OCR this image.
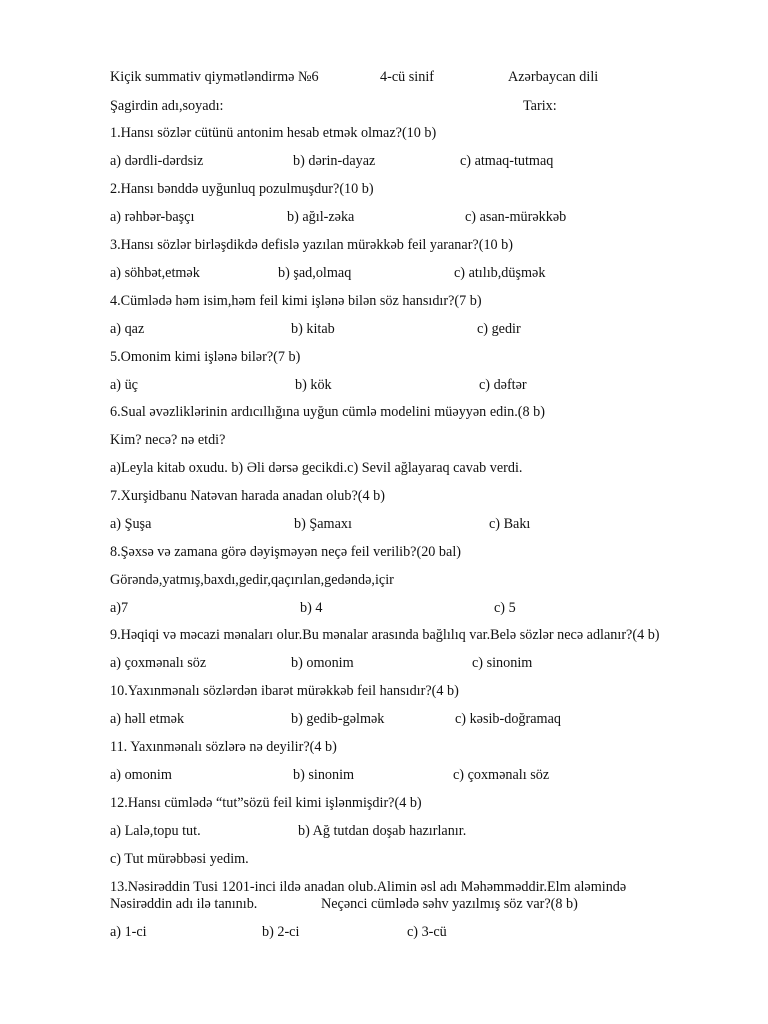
Kiçik summativ qiymətləndirmə №6	4-cü sinif	Azərbaycan dili
Şagirdin adı,soyadı:	Tarix:
1.Hansı sözlər cütünü antonim hesab etmək olmaz?(10 b)
a) dərdli-dərdsiz	b) dərin-dayaz	c) atmaq-tutmaq
2.Hansı bənddə uyğunluq pozulmuşdur?(10 b)
a) rəhbər-başçı	b) ağıl-zəka	c) asan-mürəkkəb
3.Hansı sözlər birləşdikdə defislə yazılan mürəkkəb feil yaranar?(10 b)
a) söhbət,etmək	b) şad,olmaq	c) atılıb,düşmək
4.Cümlədə həm isim,həm feil kimi işlənə bilən söz hansıdır?(7 b)
a) qaz	b) kitab	c) gedir
5.Omonim kimi işlənə bilər?(7 b)
a) üç	b) kök	c) dəftər
6.Sual əvəzliklərinin ardıcıllığına uyğun cümlə modelini müəyyən edin.(8 b)
Kim? necə? nə etdi?
a)Leyla kitab oxudu. b) Əli dərsə gecikdi.c) Sevil ağlayaraq cavab verdi.
7.Xurşidbanu Natəvan harada anadan olub?(4 b)
a) Şuşa	b) Şamaxı	c) Bakı
8.Şəxsə və zamana görə dəyişməyən neçə feil verilib?(20 bal)
Görəndə,yatmış,baxdı,gedir,qaçırılan,gedəndə,içir
a)7	b) 4	c) 5
9.Həqiqi və məcazi mənaları olur.Bu mənalar arasında bağlılıq var.Belə sözlər necə adlanır?(4 b)
a) çoxmənalı söz	b) omonim	c) sinonim
10.Yaxınmənalı sözlərdən ibarət mürəkkəb feil hansıdır?(4 b)
a) həll etmək	b) gedib-gəlmək	c) kəsib-doğramaq
11. Yaxınmənalı sözlərə nə deyilir?(4 b)
a) omonim	b) sinonim	c) çoxmənalı söz
12.Hansı cümlədə “tut”sözü feil kimi işlənmişdir?(4 b)
a) Lalə,topu tut.	b) Ağ tutdan doşab hazırlanır.
c) Tut mürəbbəsi yedim.
13.Nəsirəddin Tusi 1201-inci ildə anadan olub.Alimin əsl adı Məhəmməddir.Elm aləmində
Nəsirəddin adı ilə tanınıb.	Neçənci cümlədə səhv yazılmış söz var?(8 b)
a) 1-ci	b) 2-ci	c) 3-cü
